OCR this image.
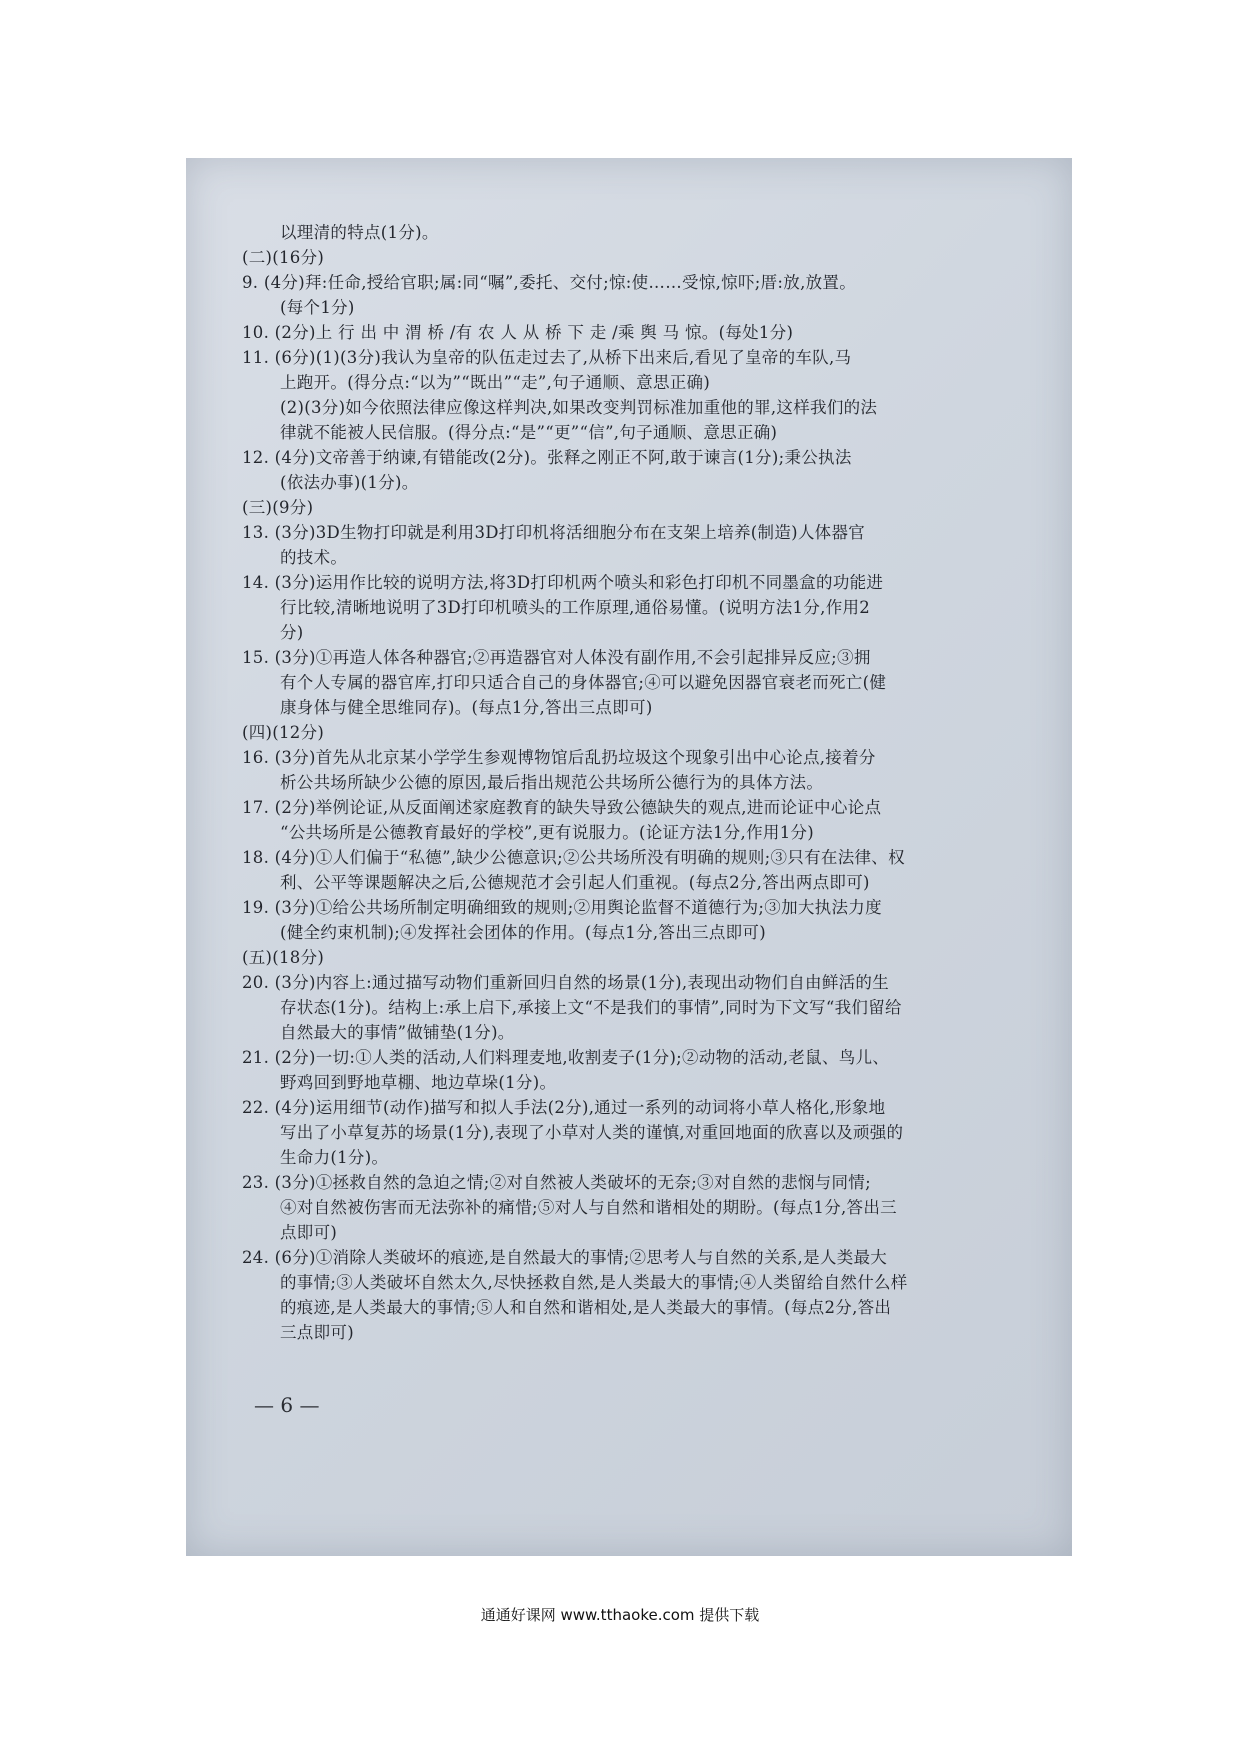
以理清的特点(1分)。
(二)(16分)
9. (4分)拜:任命,授给官职;属:同“嘱”,委托、交付;惊:使……受惊,惊吓;厝:放,放置。
(每个1分)
10. (2分)上 行 出 中 渭 桥 /有 农 人 从 桥 下 走 /乘 舆 马 惊。(每处1分)
11. (6分)(1)(3分)我认为皇帝的队伍走过去了,从桥下出来后,看见了皇帝的车队,马
上跑开。(得分点:“以为”“既出”“走”,句子通顺、意思正确)
(2)(3分)如今依照法律应像这样判决,如果改变判罚标准加重他的罪,这样我们的法
律就不能被人民信服。(得分点:“是”“更”“信”,句子通顺、意思正确)
12. (4分)文帝善于纳谏,有错能改(2分)。张释之刚正不阿,敢于谏言(1分);秉公执法
(依法办事)(1分)。
(三)(9分)
13. (3分)3D生物打印就是利用3D打印机将活细胞分布在支架上培养(制造)人体器官
的技术。
14. (3分)运用作比较的说明方法,将3D打印机两个喷头和彩色打印机不同墨盒的功能进
行比较,清晰地说明了3D打印机喷头的工作原理,通俗易懂。(说明方法1分,作用2
分)
15. (3分)①再造人体各种器官;②再造器官对人体没有副作用,不会引起排异反应;③拥
有个人专属的器官库,打印只适合自己的身体器官;④可以避免因器官衰老而死亡(健
康身体与健全思维同存)。(每点1分,答出三点即可)
(四)(12分)
16. (3分)首先从北京某小学学生参观博物馆后乱扔垃圾这个现象引出中心论点,接着分
析公共场所缺少公德的原因,最后指出规范公共场所公德行为的具体方法。
17. (2分)举例论证,从反面阐述家庭教育的缺失导致公德缺失的观点,进而论证中心论点
“公共场所是公德教育最好的学校”,更有说服力。(论证方法1分,作用1分)
18. (4分)①人们偏于“私德”,缺少公德意识;②公共场所没有明确的规则;③只有在法律、权
利、公平等课题解决之后,公德规范才会引起人们重视。(每点2分,答出两点即可)
19. (3分)①给公共场所制定明确细致的规则;②用舆论监督不道德行为;③加大执法力度
(健全约束机制);④发挥社会团体的作用。(每点1分,答出三点即可)
(五)(18分)
20. (3分)内容上:通过描写动物们重新回归自然的场景(1分),表现出动物们自由鲜活的生
存状态(1分)。结构上:承上启下,承接上文“不是我们的事情”,同时为下文写“我们留给
自然最大的事情”做铺垫(1分)。
21. (2分)一切:①人类的活动,人们料理麦地,收割麦子(1分);②动物的活动,老鼠、鸟儿、
野鸡回到野地草棚、地边草垛(1分)。
22. (4分)运用细节(动作)描写和拟人手法(2分),通过一系列的动词将小草人格化,形象地
写出了小草复苏的场景(1分),表现了小草对人类的谨慎,对重回地面的欣喜以及顽强的
生命力(1分)。
23. (3分)①拯救自然的急迫之情;②对自然被人类破坏的无奈;③对自然的悲悯与同情;
④对自然被伤害而无法弥补的痛惜;⑤对人与自然和谐相处的期盼。(每点1分,答出三
点即可)
24. (6分)①消除人类破坏的痕迹,是自然最大的事情;②思考人与自然的关系,是人类最大
的事情;③人类破坏自然太久,尽快拯救自然,是人类最大的事情;④人类留给自然什么样
的痕迹,是人类最大的事情;⑤人和自然和谐相处,是人类最大的事情。(每点2分,答出
三点即可)
— 6 —
通通好课网 www.tthaoke.com 提供下载
